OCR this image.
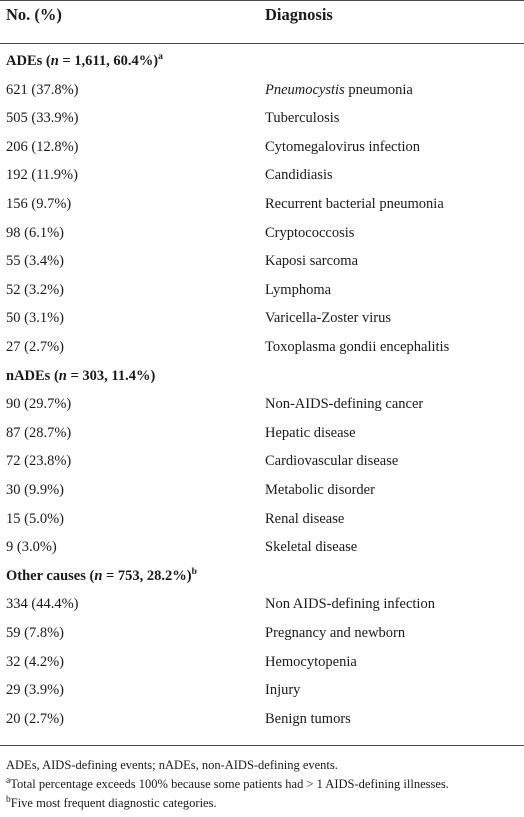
No. (%)	Diagnosis
ADEs (n = 1,611, 60.4%)$^a$
621 (37.8%)	Pneumocystis pneumonia
505 (33.9%)	Tuberculosis
206 (12.8%)	Cytomegalovirus infection
192 (11.9%)	Candidiasis
156 (9.7%)	Recurrent bacterial pneumonia
98 (6.1%)	Cryptococcosis
55 (3.4%)	Kaposi sarcoma
52 (3.2%)	Lymphoma
50 (3.1%)	Varicella-Zoster virus
27 (2.7%)	Toxoplasma gondii encephalitis
nADEs (n = 303, 11.4%)
90 (29.7%)	Non-AIDS-defining cancer
87 (28.7%)	Hepatic disease
72 (23.8%)	Cardiovascular disease
30 (9.9%)	Metabolic disorder
15 (5.0%)	Renal disease
9 (3.0%)	Skeletal disease
Other causes (n = 753, 28.2%)$^b$
334 (44.4%)	Non AIDS-defining infection
59 (7.8%)	Pregnancy and newborn
32 (4.2%)	Hemocytopenia
29 (3.9%)	Injury
20 (2.7%)	Benign tumors
ADEs, AIDS-defining events; nADEs, non-AIDS-defining events.
$^a$Total percentage exceeds 100% because some patients had > 1 AIDS-defining illnesses.
$^b$Five most frequent diagnostic categories.
